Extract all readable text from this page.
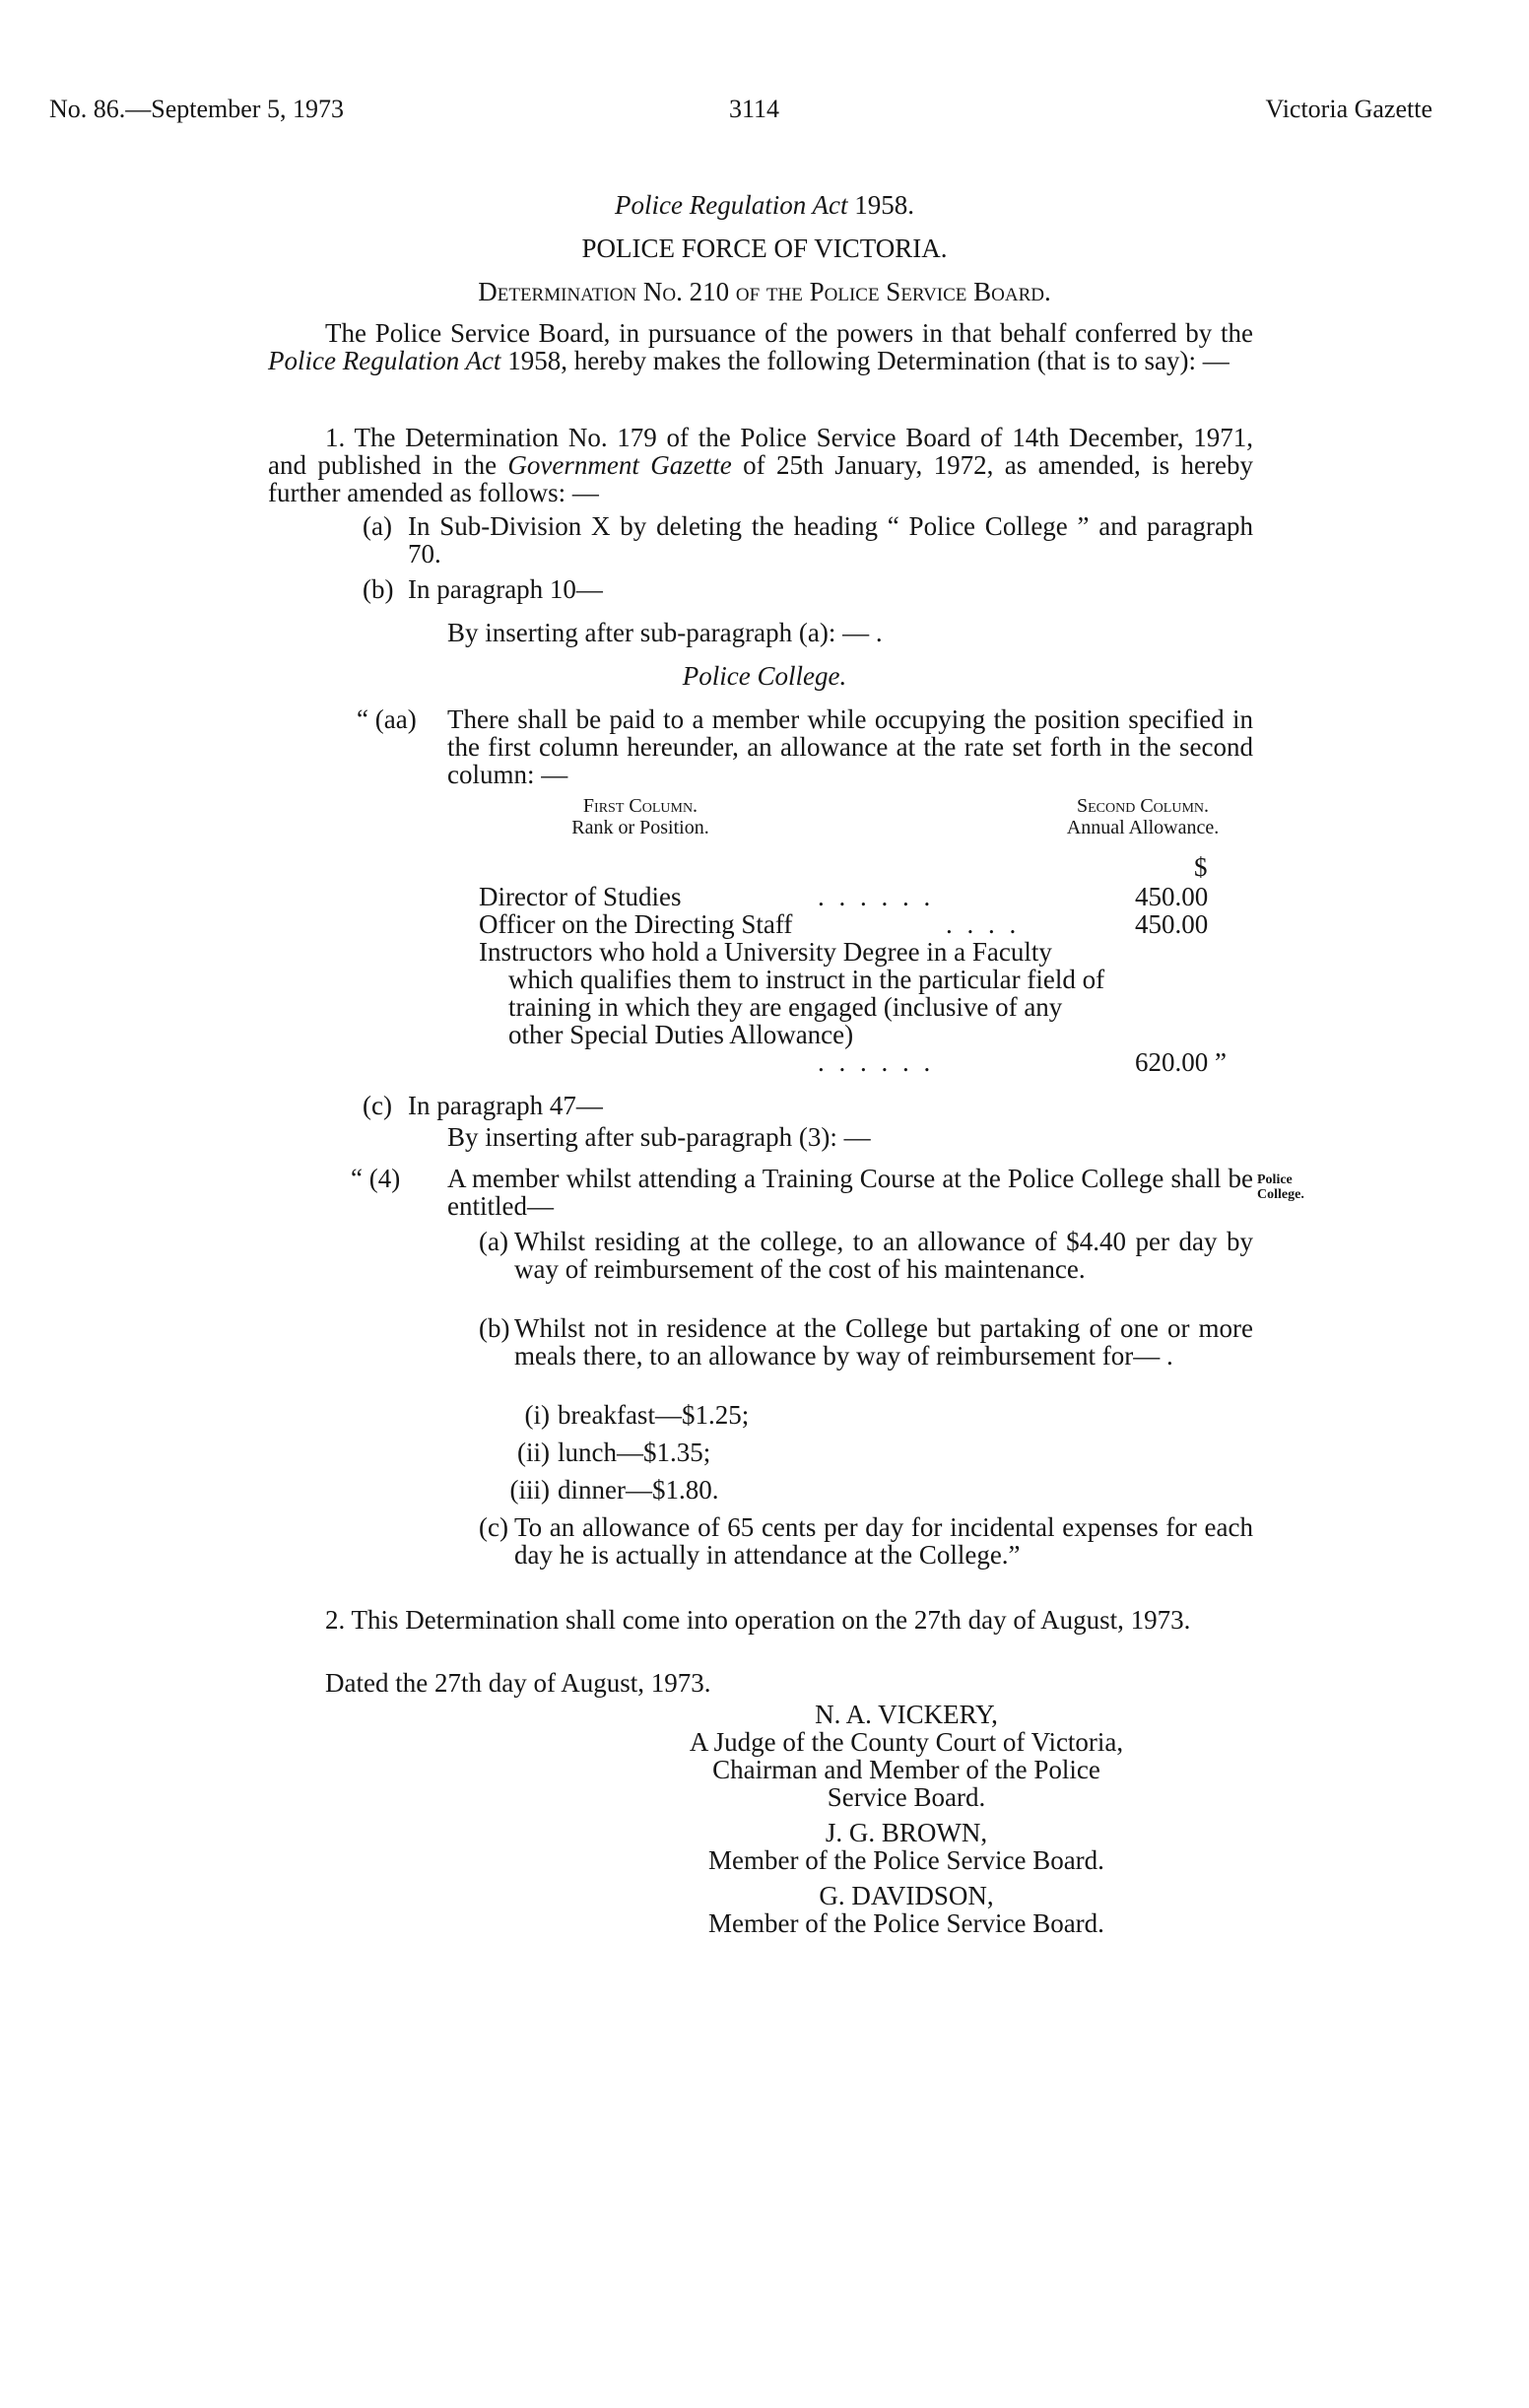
No. 86.—September 5, 1973	3114	Victoria Gazette
Police Regulation Act 1958.
POLICE FORCE OF VICTORIA.
Determination No. 210 of the Police Service Board.
The Police Service Board, in pursuance of the powers in that behalf conferred by the Police Regulation Act 1958, hereby makes the following Determination (that is to say): —
1. The Determination No. 179 of the Police Service Board of 14th December, 1971, and published in the Government Gazette of 25th January, 1972, as amended, is hereby further amended as follows: —
(a) In Sub-Division X by deleting the heading “ Police College ” and paragraph 70.
(b) In paragraph 10—
By inserting after sub-paragraph (a): — .
Police College.
“ (aa) There shall be paid to a member while occupying the position specified in the first column hereunder, an allowance at the rate set forth in the second column: —
First Column.
Rank or Position.
Second Column.
Annual Allowance.
$
Director of Studies	. . . . . .	450.00
Officer on the Directing Staff	. . . .	450.00
Instructors who hold a University Degree in a Faculty which qualifies them to instruct in the particular field of training in which they are engaged (inclusive of any other Special Duties Allowance)
. . . . . .	620.00 ”
(c) In paragraph 47—
By inserting after sub-paragraph (3): —
“ (4)	A member whilst attending a Training Course at the Police College shall be entitled—
Police College.
(a) Whilst residing at the college, to an allowance of $4.40 per day by way of reimbursement of the cost of his maintenance.
(b) Whilst not in residence at the College but partaking of one or more meals there, to an allowance by way of reimbursement for— .
(i) breakfast—$1.25;
(ii) lunch—$1.35;
(iii) dinner—$1.80.
(c) To an allowance of 65 cents per day for incidental expenses for each day he is actually in attendance at the College.”
2. This Determination shall come into operation on the 27th day of August, 1973.
Dated the 27th day of August, 1973.
N. A. VICKERY,
A Judge of the County Court of Victoria,
Chairman and Member of the Police
Service Board.
J. G. BROWN,
Member of the Police Service Board.
G. DAVIDSON,
Member of the Police Service Board.
